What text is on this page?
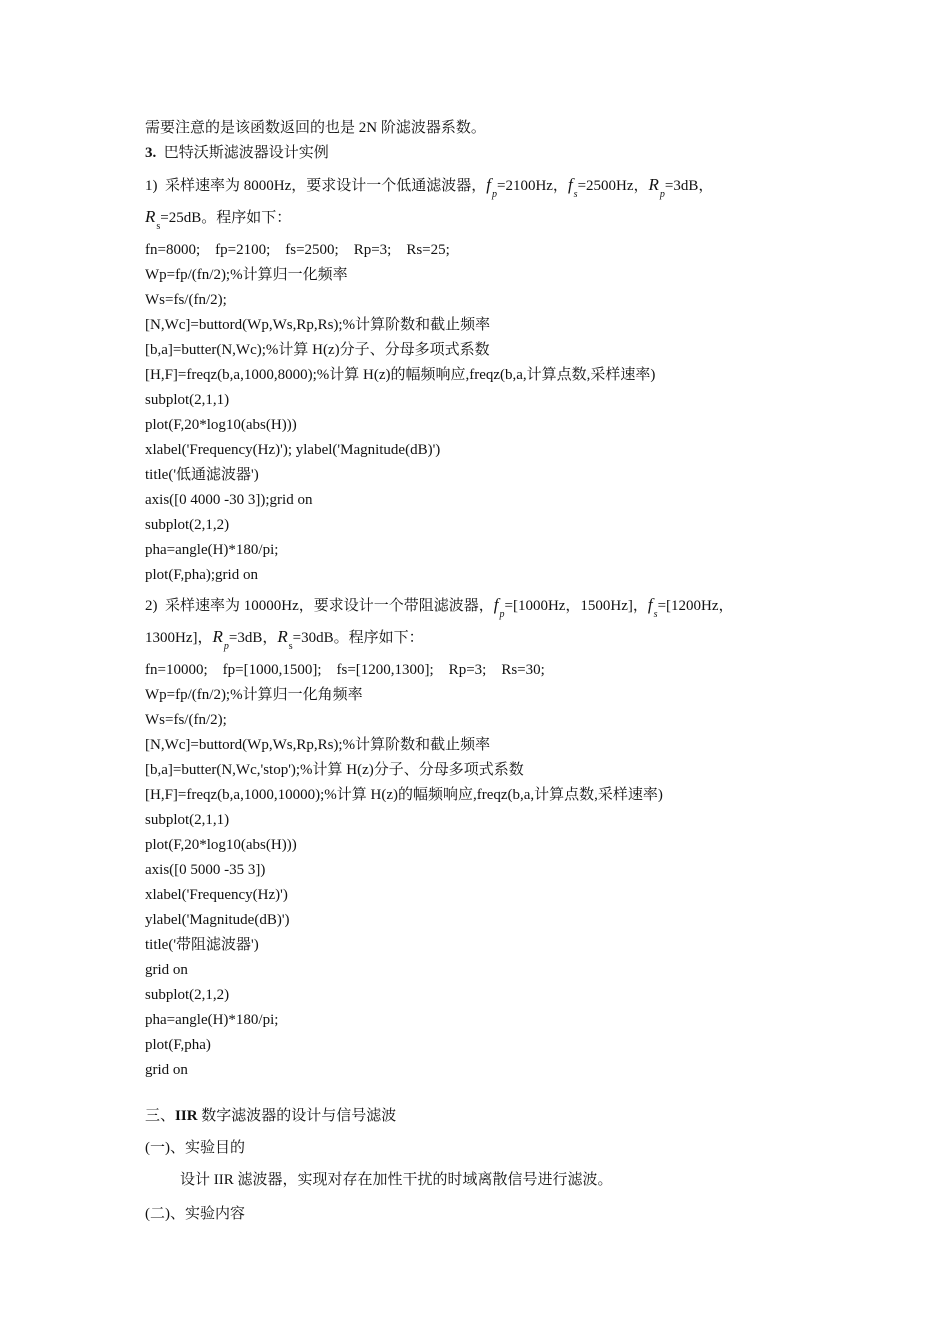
需要注意的是该函数返回的也是 2N 阶滤波器系数。
3. 巴特沃斯滤波器设计实例
1)  采样速率为 8000Hz，要求设计一个低通滤波器，$f_p=2100Hz$，$f_s=2500Hz$，$R_p=3dB$，
$R_s=25dB$。程序如下：
fn=8000;    fp=2100;    fs=2500;    Rp=3;    Rs=25;
Wp=fp/(fn/2);%计算归一化频率
Ws=fs/(fn/2);
[N,Wc]=buttord(Wp,Ws,Rp,Rs);%计算阶数和截止频率
[b,a]=butter(N,Wc);%计算 H(z)分子、分母多项式系数
[H,F]=freqz(b,a,1000,8000);%计算 H(z)的幅频响应,freqz(b,a,计算点数,采样速率)
subplot(2,1,1)
plot(F,20*log10(abs(H)))
xlabel('Frequency(Hz)'); ylabel('Magnitude(dB)')
title('低通滤波器')
axis([0 4000 -30 3]);grid on
subplot(2,1,2)
pha=angle(H)*180/pi;
plot(F,pha);grid on
2)  采样速率为 10000Hz，要求设计一个带阻滤波器，$f_p=[1000Hz$，1500Hz]，$f_s=[1200Hz$，
1300Hz]，$R_p=3dB$，$R_s=30dB$。程序如下：
fn=10000;    fp=[1000,1500];    fs=[1200,1300];    Rp=3;    Rs=30;
Wp=fp/(fn/2);%计算归一化角频率
Ws=fs/(fn/2);
[N,Wc]=buttord(Wp,Ws,Rp,Rs);%计算阶数和截止频率
[b,a]=butter(N,Wc,'stop');%计算 H(z)分子、分母多项式系数
[H,F]=freqz(b,a,1000,10000);%计算 H(z)的幅频响应,freqz(b,a,计算点数,采样速率)
subplot(2,1,1)
plot(F,20*log10(abs(H)))
axis([0 5000 -35 3])
xlabel('Frequency(Hz)')
ylabel('Magnitude(dB)')
title('带阻滤波器')
grid on
subplot(2,1,2)
pha=angle(H)*180/pi;
plot(F,pha)
grid on
三、IIR 数字滤波器的设计与信号滤波
(一)、实验目的
设计 IIR 滤波器，实现对存在加性干扰的时域离散信号进行滤波。
(二)、实验内容
